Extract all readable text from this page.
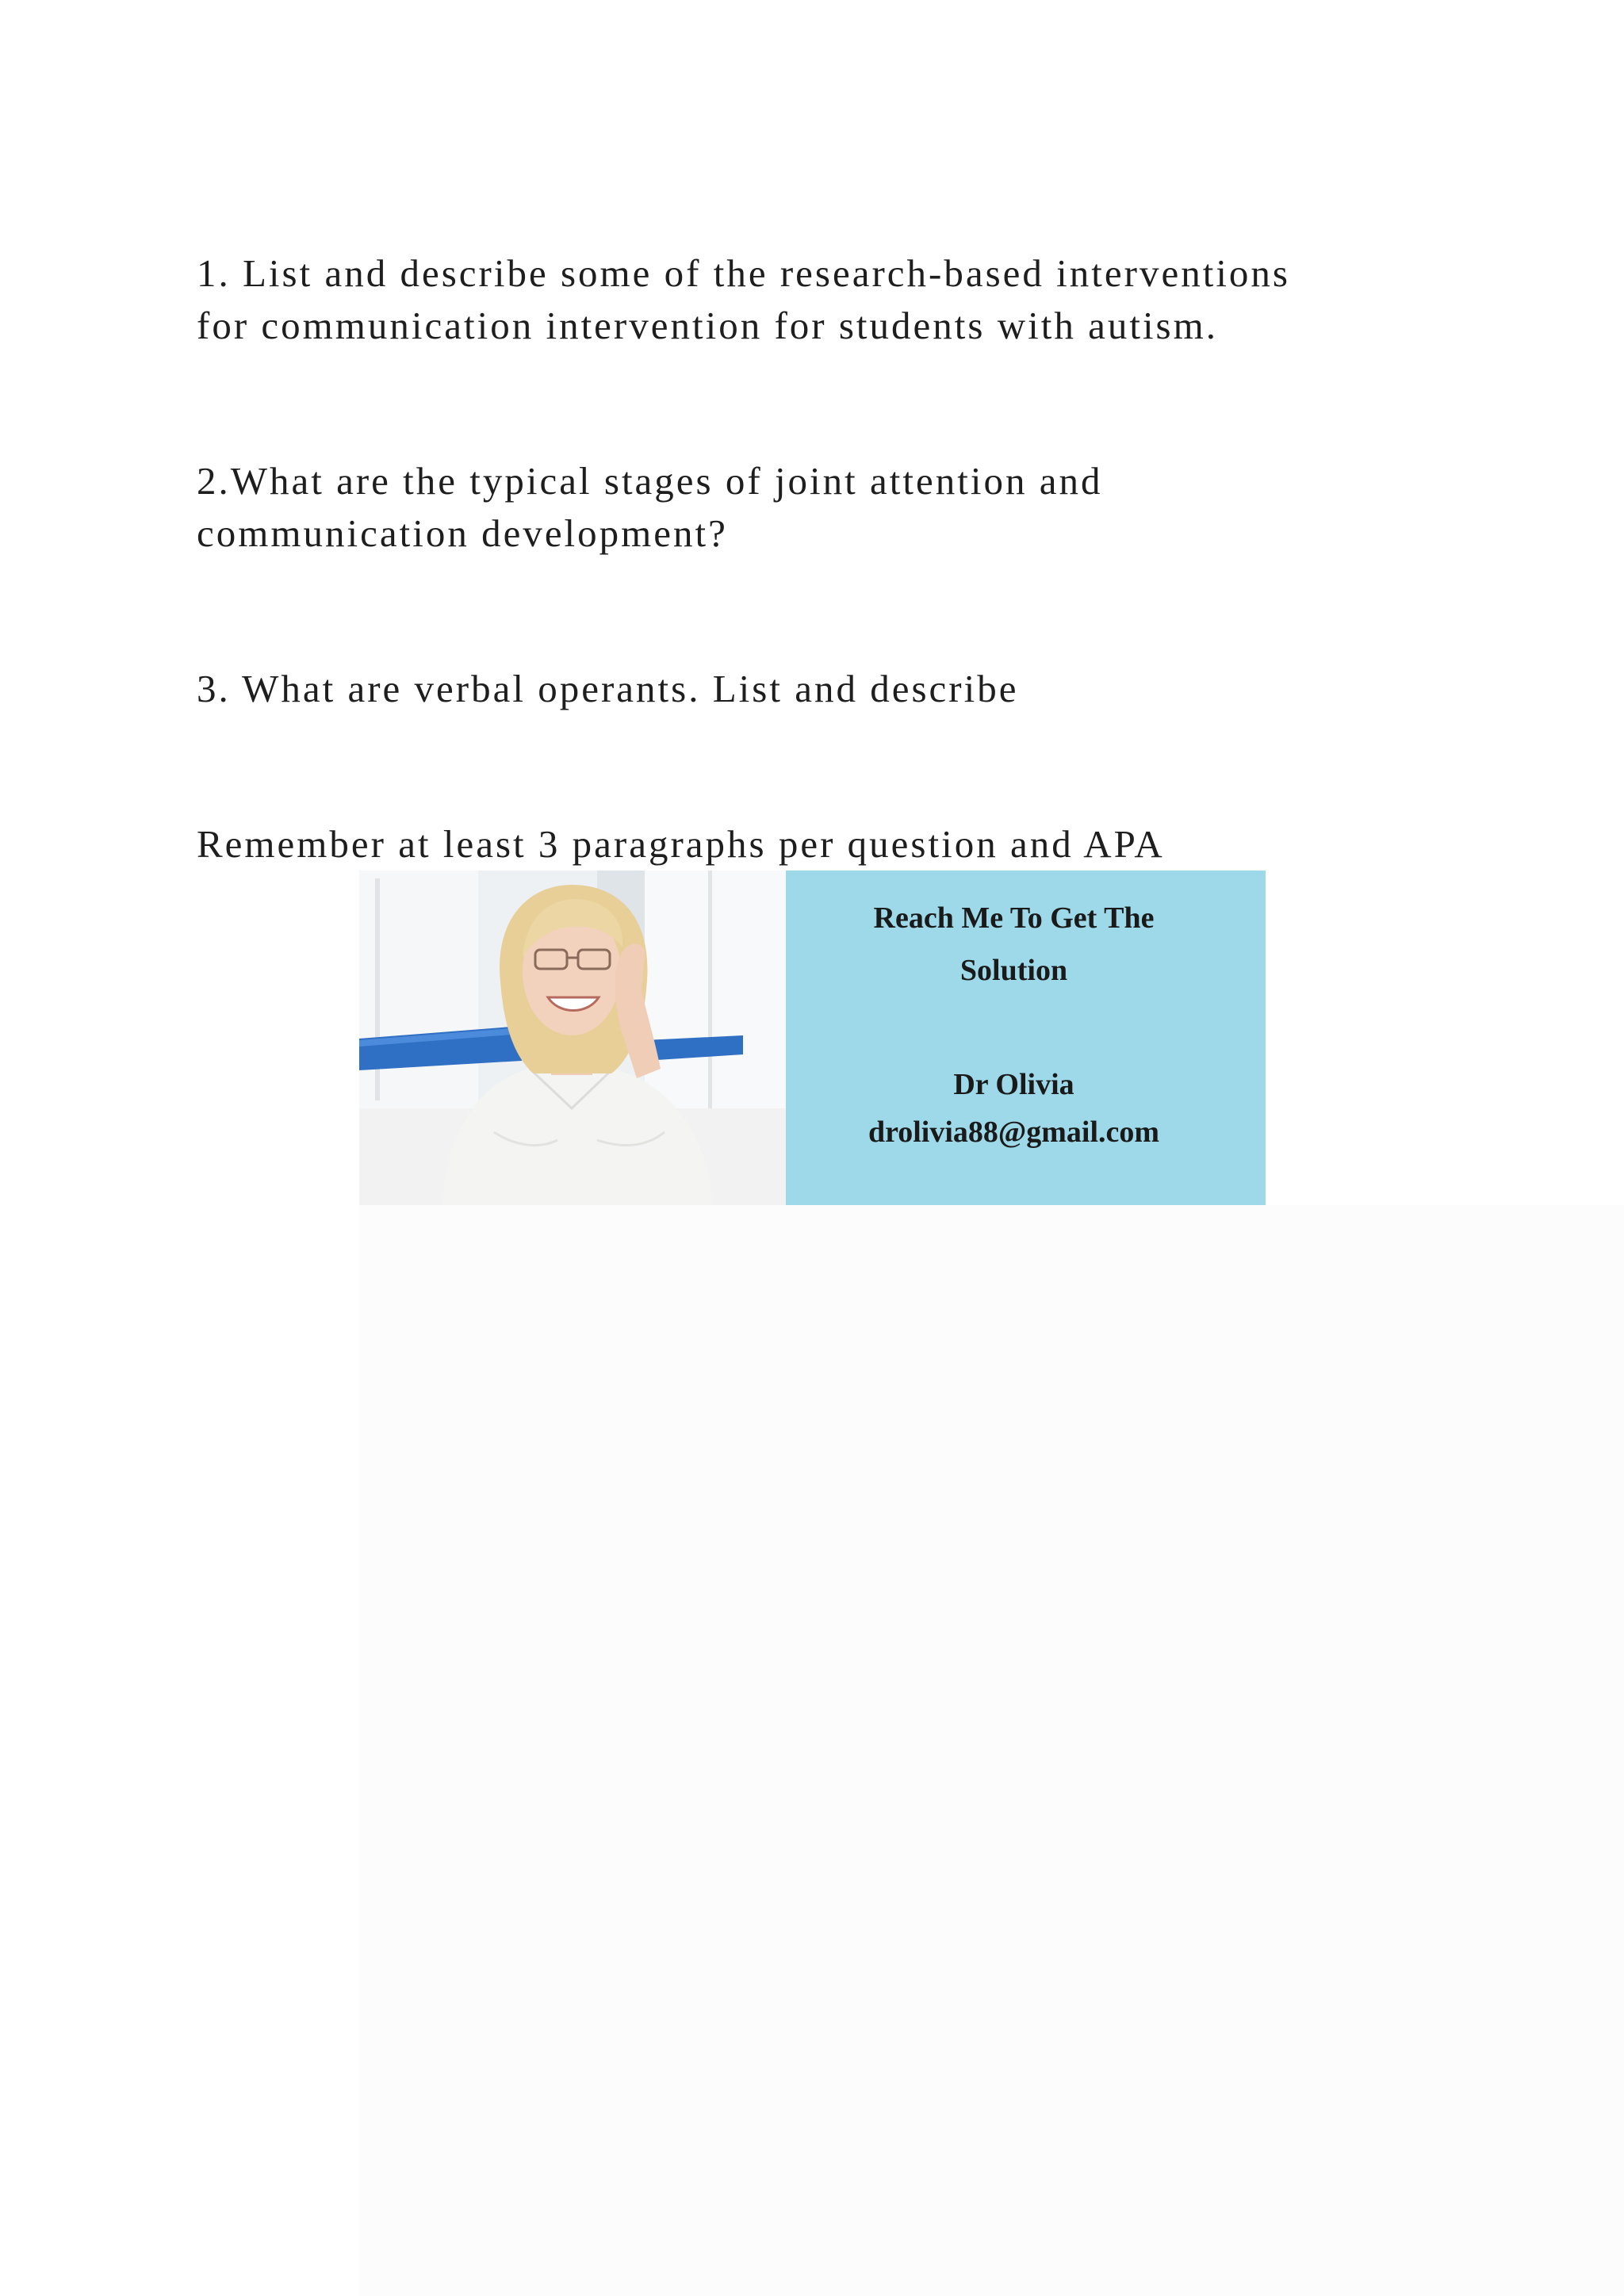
1. List and describe some of the research-based interventions

for communication intervention for students with autism.

2.What are the typical stages of joint attention and

communication development?

3. What are verbal operants. List and describe

Remember at least 3 paragraphs per question and APA

Reach Me To Get The
Solution
Dr Olivia
drolivia88@gmail.com
